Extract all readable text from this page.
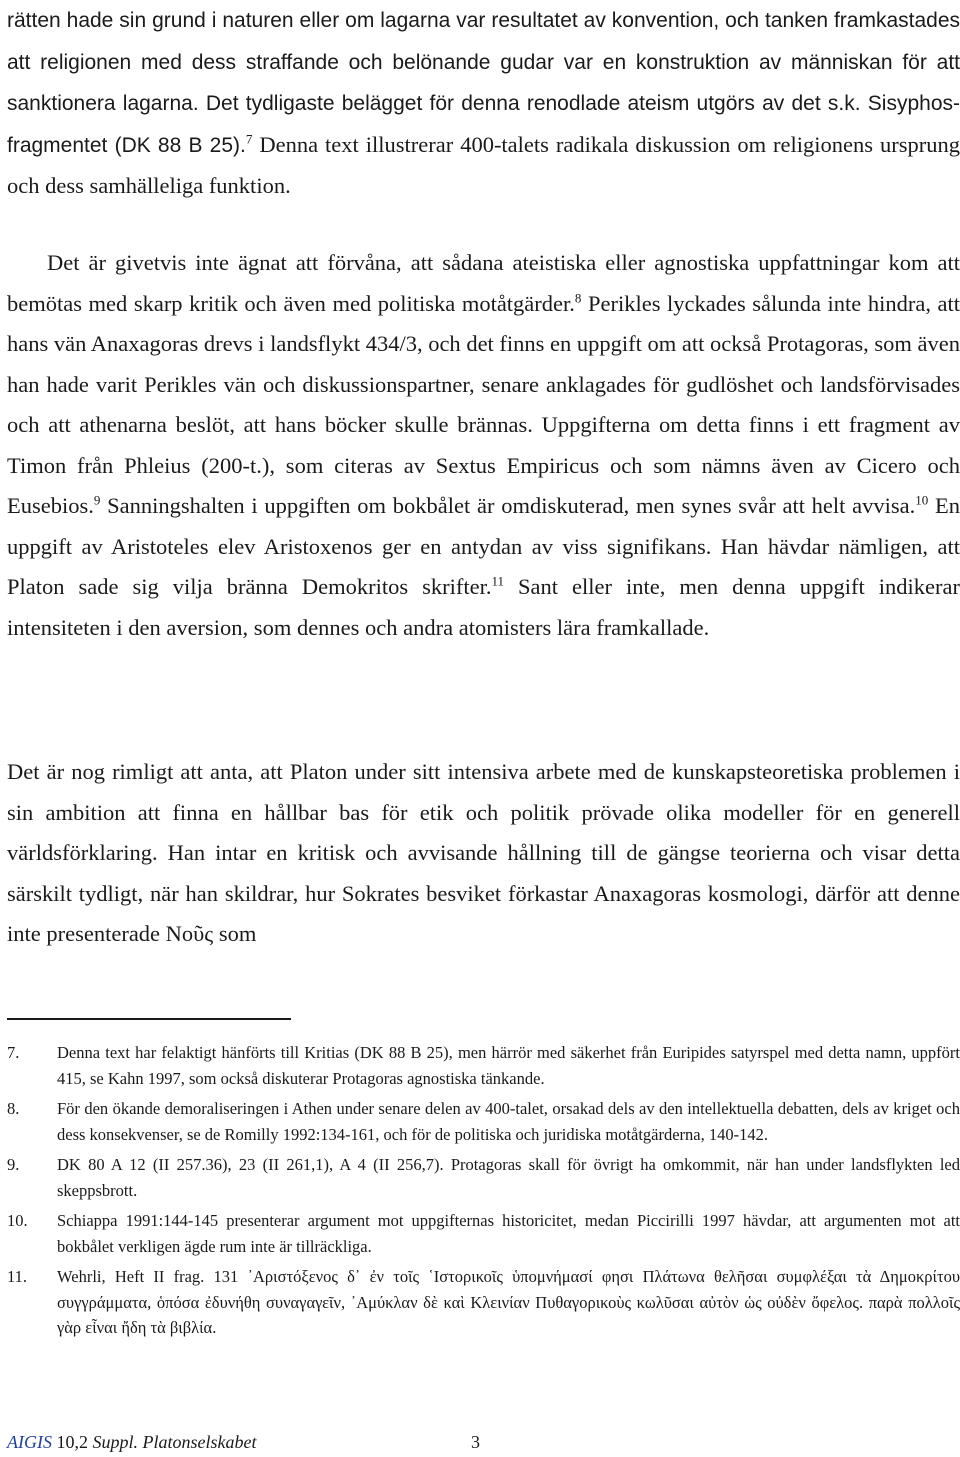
rätten hade sin grund i naturen eller om lagarna var resultatet av konvention, och tanken framkastades att religionen med dess straffande och belönande gudar var en konstruktion av människan för att sanktionera lagarna. Det tydligaste belägget för denna renodlade ateism utgörs av det s.k. Sisyphos-fragmentet (DK 88 B 25).$^7$ Denna text illustrerar 400-talets radikala diskussion om religionens ursprung och dess samhälleliga funktion.
Det är givetvis inte ägnat att förvåna, att sådana ateistiska eller agnostiska uppfattningar kom att bemötas med skarp kritik och även med politiska motåtgärder.$^8$ Perikles lyckades sålunda inte hindra, att hans vän Anaxagoras drevs i landsflykt 434/3, och det finns en uppgift om att också Protagoras, som även han hade varit Perikles vän och diskussionspartner, senare anklagades för gudlöshet och landsförvisades och att athenarna beslöt, att hans böcker skulle brännas. Uppgifterna om detta finns i ett fragment av Timon från Phleius (200-t.), som citeras av Sextus Empiricus och som nämns även av Cicero och Eusebios.$^9$ Sanningshalten i uppgiften om bokbålet är omdiskuterad, men synes svår att helt avvisa.$^{10}$ En uppgift av Aristoteles elev Aristoxenos ger en antydan av viss signifikans. Han hävdar nämligen, att Platon sade sig vilja bränna Demokritos skrifter.$^{11}$ Sant eller inte, men denna uppgift indikerar intensiteten i den aversion, som dennes och andra atomisters lära framkallade.
Det är nog rimligt att anta, att Platon under sitt intensiva arbete med de kunskapsteoretiska problemen i sin ambition att finna en hållbar bas för etik och politik prövade olika modeller för en generell världsförklaring. Han intar en kritisk och avvisande hållning till de gängse teorierna och visar detta särskilt tydligt, när han skildrar, hur Sokrates besviket förkastar Anaxagoras kosmologi, därför att denne inte presenterade Νοῦς som
7. Denna text har felaktigt hänförts till Kritias (DK 88 B 25), men härrör med säkerhet från Euripides satyrspel med detta namn, uppfört 415, se Kahn 1997, som också diskuterar Protagoras agnostiska tänkande.
8. För den ökande demoraliseringen i Athen under senare delen av 400-talet, orsakad dels av den intellektuella debatten, dels av kriget och dess konsekvenser, se de Romilly 1992:134-161, och för de politiska och juridiska motåtgärderna, 140-142.
9. DK 80 A 12 (II 257.36), 23 (II 261,1), A 4 (II 256,7). Protagoras skall för övrigt ha omkommit, när han under landsflykten led skeppsbrott.
10. Schiappa 1991:144-145 presenterar argument mot uppgifternas historicitet, medan Piccirilli 1997 hävdar, att argumenten mot att bokbålet verkligen ägde rum inte är tillräckliga.
11. Wehrli, Heft II frag. 131 ᾿Αριστόξενος δ᾿ ἐν τοῖς ῾Ιστορικοῖς ὑπομνήμασί φησι Πλάτωνα θελῆσαι συμφλέξαι τὰ Δημοκρίτου συγγράμματα, ὁπόσα ἐδυνήθη συναγαγεῖν, ᾿Αμύκλαν δὲ καὶ Κλεινίαν Πυθαγορικοὺς κωλῦσαι αὐτὸν ὡς οὐδὲν ὄφελος. παρὰ πολλοῖς γὰρ εἶναι ἤδη τὰ βιβλία.
AIGIS 10,2 Suppl. Platonselskabet	3
